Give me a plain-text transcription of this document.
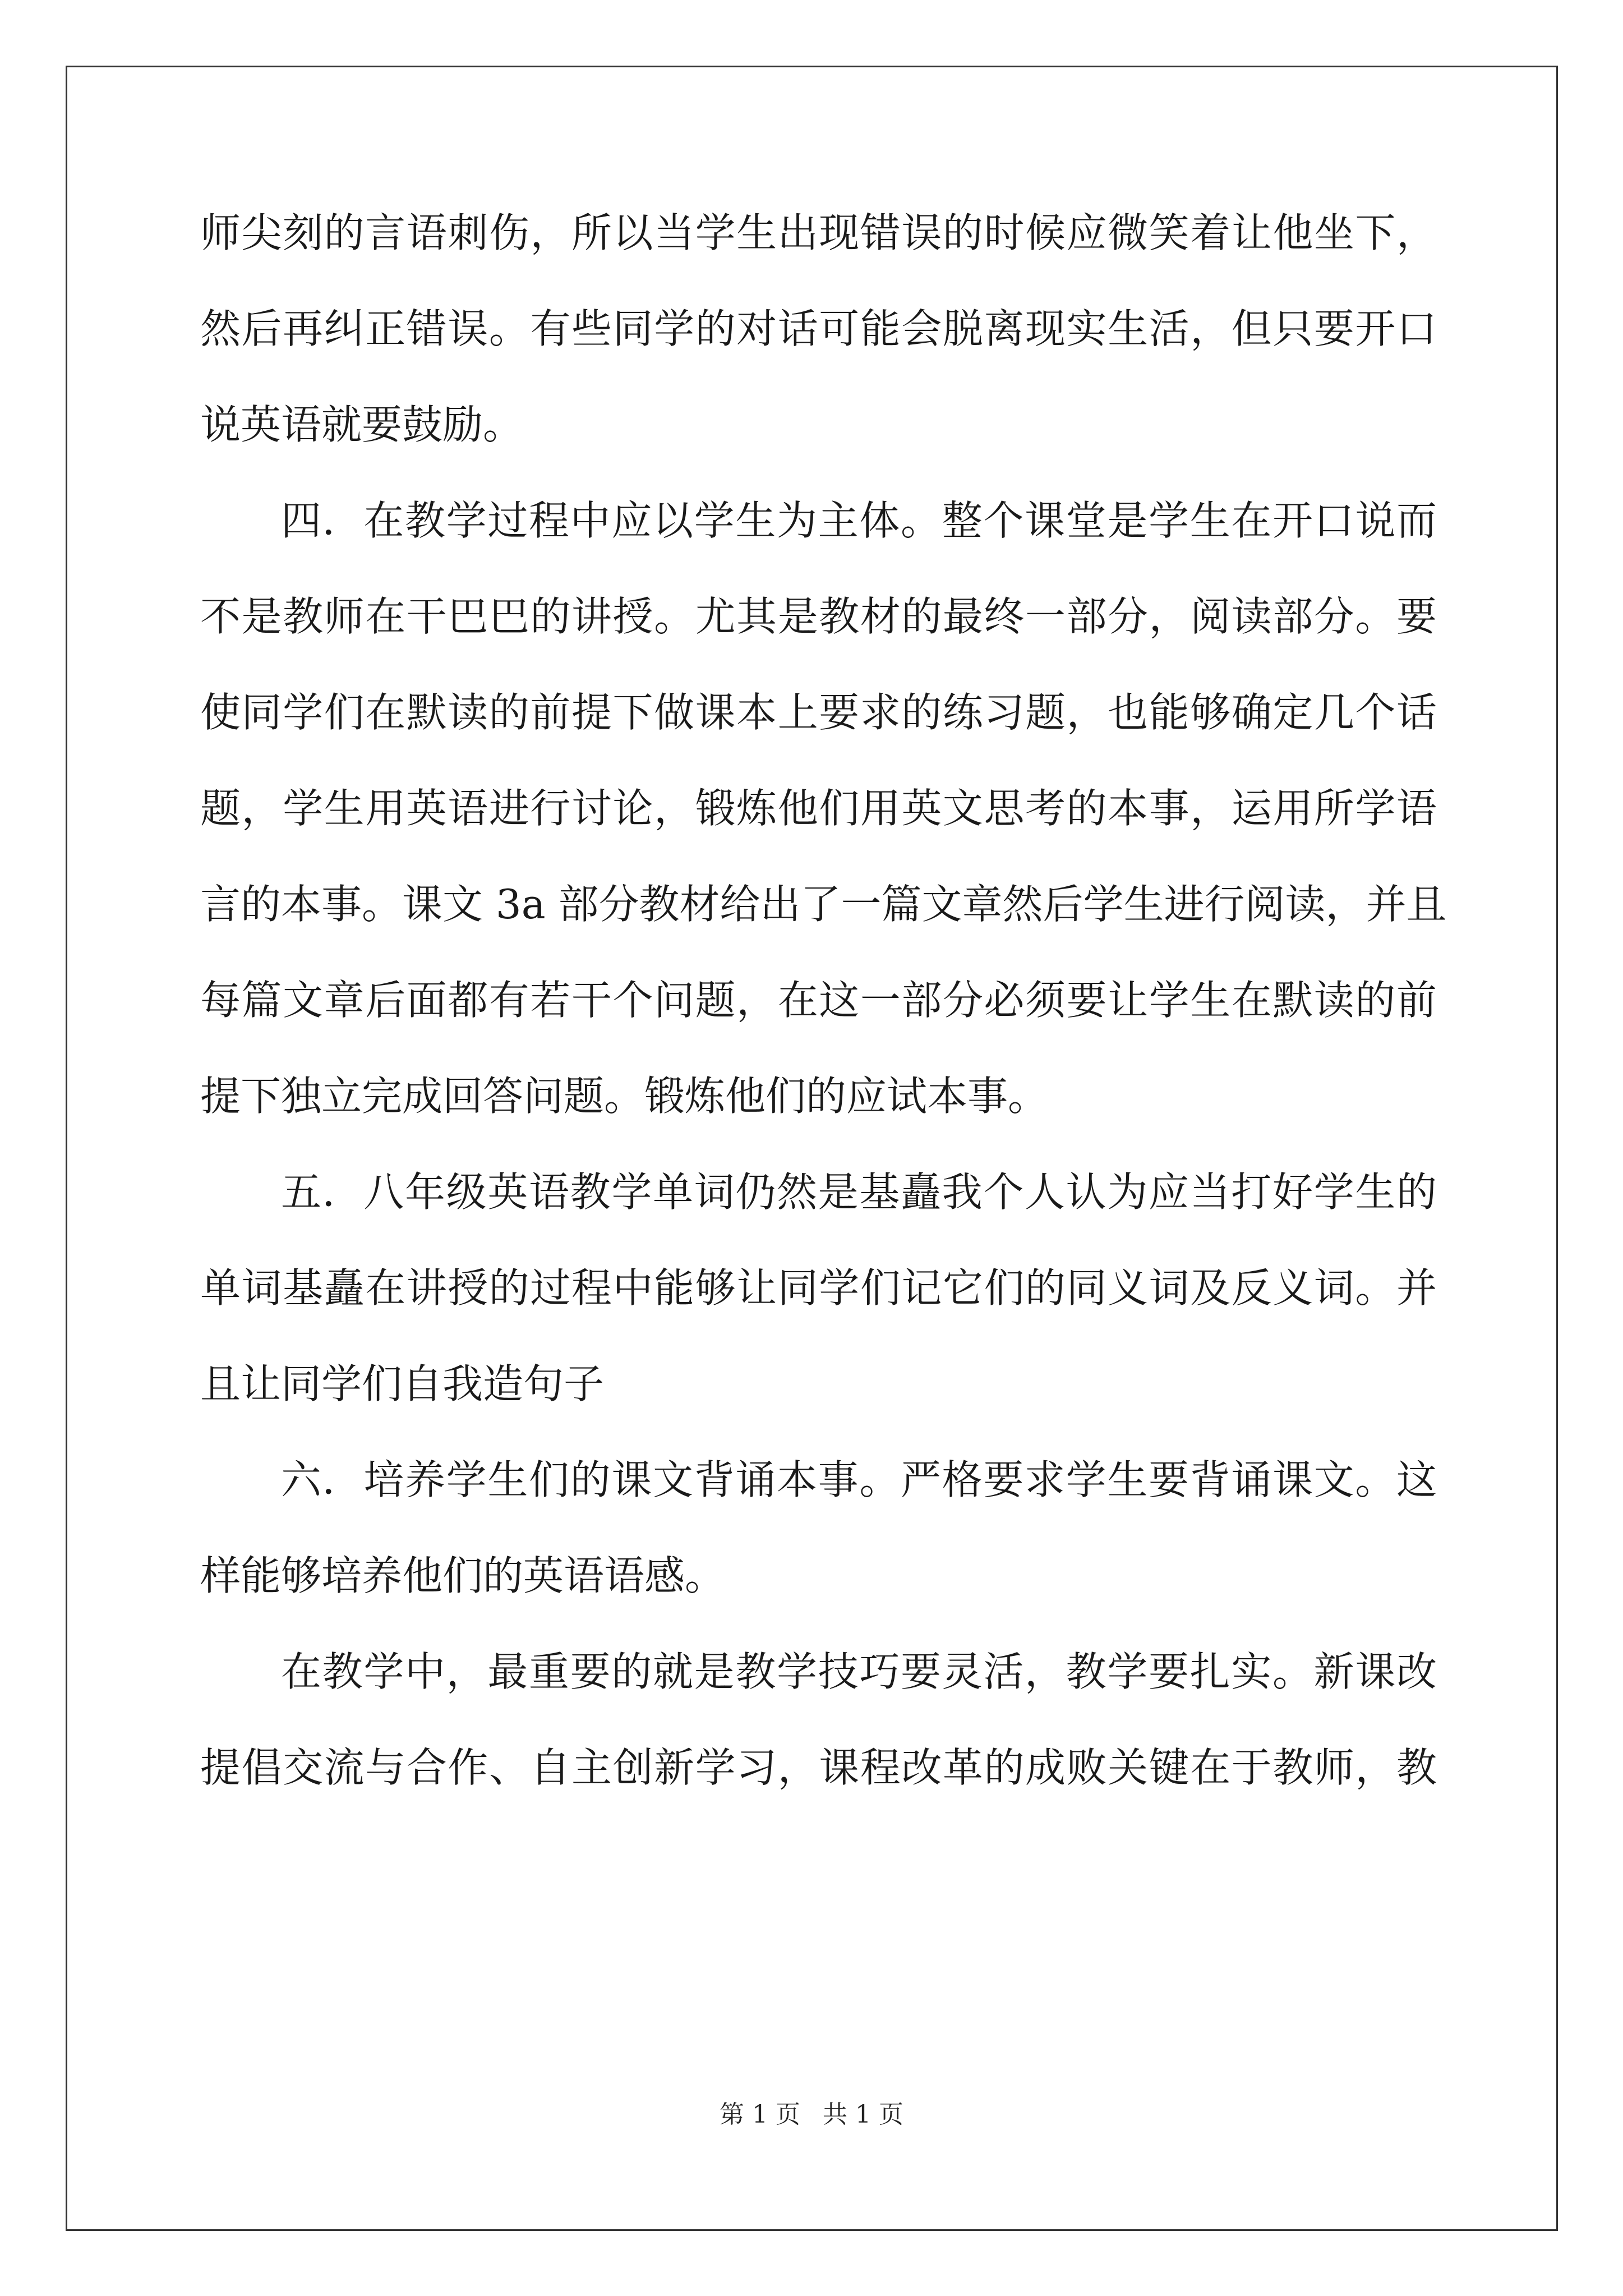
师尖刻的言语刺伤，所以当学生出现错误的时候应微笑着让他坐下，
然后再纠正错误。有些同学的对话可能会脱离现实生活，但只要开口
说英语就要鼓励。
四．在教学过程中应以学生为主体。整个课堂是学生在开口说而
不是教师在干巴巴的讲授。尤其是教材的最终一部分，阅读部分。要
使同学们在默读的前提下做课本上要求的练习题，也能够确定几个话
题，学生用英语进行讨论，锻炼他们用英文思考的本事，运用所学语
言的本事。课文 3a 部分教材给出了一篇文章然后学生进行阅读，并且
每篇文章后面都有若干个问题，在这一部分必须要让学生在默读的前
提下独立完成回答问题。锻炼他们的应试本事。
五．八年级英语教学单词仍然是基矗我个人认为应当打好学生的
单词基矗在讲授的过程中能够让同学们记它们的同义词及反义词。并
且让同学们自我造句子
六．培养学生们的课文背诵本事。严格要求学生要背诵课文。这
样能够培养他们的英语语感。
在教学中，最重要的就是教学技巧要灵活，教学要扎实。新课改
提倡交流与合作、自主创新学习，课程改革的成败关键在于教师，教
第 1 页 共 1 页
